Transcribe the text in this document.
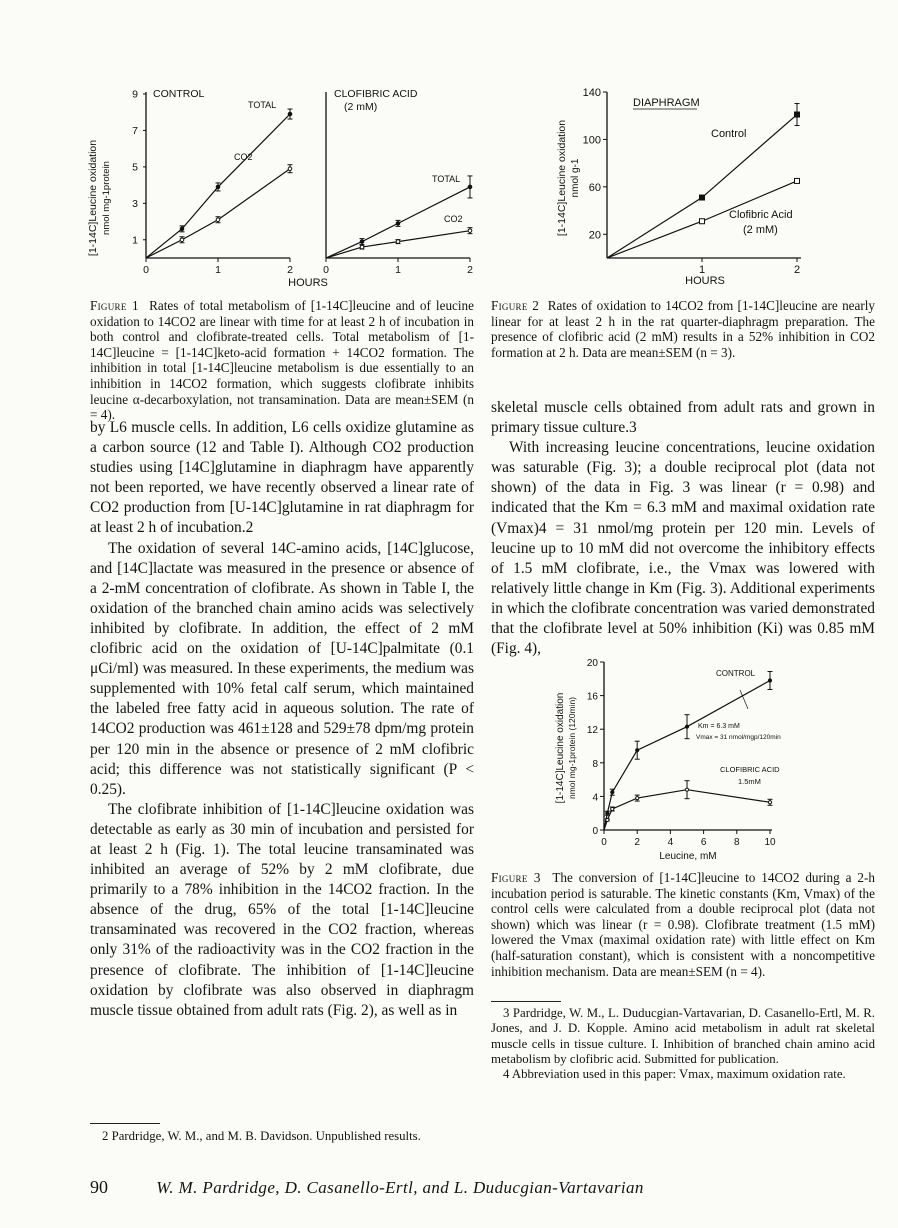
[1-14C]Leucine oxidation nmol mg-1protein
9
7
5
3
1
0	1	2
CONTROL
TOTAL
CO2
0	1	2
CLOFIBRIC ACID
(2 mM)
TOTAL
CO2
HOURS
[1-14C]Leucine oxidation nmol g-1
140
100
60
20
1	2
DIAPHRAGM
Control
Clofibric Acid
(2 mM)
HOURS
[1-14C]Leucine oxidation nmol mg-1protein (120min)
20
16
12
8
4
0
0	2	4	6	8 10
CONTROL
Km = 6.3 mM
Vmax = 31 nmol/mgp/120min
CLOFIBRIC ACID
1.5mM
Leucine, mM
Figure 1 Rates of total metabolism of [1-14C]leucine and of leucine oxidation to 14CO2 are linear with time for at least 2 h of incubation in both control and clofibrate-treated cells. Total metabolism of [1-14C]leucine = [1-14C]keto-acid formation + 14CO2 formation. The inhibition in total [1-14C]leucine metabolism is due essentially to an inhibition in 14CO2 formation, which suggests clofibrate inhibits leucine α-decarboxylation, not transamination. Data are mean±SEM (n = 4).
Figure 2 Rates of oxidation to 14CO2 from [1-14C]leucine are nearly linear for at least 2 h in the rat quarter-diaphragm preparation. The presence of clofibric acid (2 mM) results in a 52% inhibition in CO2 formation at 2 h. Data are mean±SEM (n = 3).
Figure 3 The conversion of [1-14C]leucine to 14CO2 during a 2-h incubation period is saturable. The kinetic constants (Km, Vmax) of the control cells were calculated from a double reciprocal plot (data not shown) which was linear (r = 0.98). Clofibrate treatment (1.5 mM) lowered the Vmax (maximal oxidation rate) with little effect on Km (half-saturation constant), which is consistent with a noncompetitive inhibition mechanism. Data are mean±SEM (n = 4).

by L6 muscle cells. In addition, L6 cells oxidize glutamine as a carbon source (12 and Table I). Although CO2 production studies using [14C]glutamine in diaphragm have apparently not been reported, we have recently observed a linear rate of CO2 production from [U-14C]glutamine in rat diaphragm for at least 2 h of incubation.2

The oxidation of several 14C-amino acids, [14C]glucose, and [14C]lactate was measured in the presence or absence of a 2-mM concentration of clofibrate. As shown in Table I, the oxidation of the branched chain amino acids was selectively inhibited by clofibrate. In addition, the effect of 2 mM clofibric acid on the oxidation of [U-14C]palmitate (0.1 μCi/ml) was measured. In these experiments, the medium was supplemented with 10% fetal calf serum, which maintained the labeled free fatty acid in aqueous solution. The rate of 14CO2 production was 461±128 and 529±78 dpm/mg protein per 120 min in the absence or presence of 2 mM clofibric acid; this difference was not statistically significant (P < 0.25).

The clofibrate inhibition of [1-14C]leucine oxidation was detectable as early as 30 min of incubation and persisted for at least 2 h (Fig. 1). The total leucine transaminated was inhibited an average of 52% by 2 mM clofibrate, due primarily to a 78% inhibition in the 14CO2 fraction. In the absence of the drug, 65% of the total [1-14C]leucine transaminated was recovered in the CO2 fraction, whereas only 31% of the radioactivity was in the CO2 fraction in the presence of clofibrate. The inhibition of [1-14C]leucine oxidation by clofibrate was also observed in diaphragm muscle tissue obtained from adult rats (Fig. 2), as well as in

2 Pardridge, W. M., and M. B. Davidson. Unpublished results.

skeletal muscle cells obtained from adult rats and grown in primary tissue culture.3

With increasing leucine concentrations, leucine oxidation was saturable (Fig. 3); a double reciprocal plot (data not shown) of the data in Fig. 3 was linear (r = 0.98) and indicated that the Km = 6.3 mM and maximal oxidation rate (Vmax)4 = 31 nmol/mg protein per 120 min. Levels of leucine up to 10 mM did not overcome the inhibitory effects of 1.5 mM clofibrate, i.e., the Vmax was lowered with relatively little change in Km (Fig. 3). Additional experiments in which the clofibrate concentration was varied demonstrated that the clofibrate level at 50% inhibition (Ki) was 0.85 mM (Fig. 4),

3 Pardridge, W. M., L. Duducgian-Vartavarian, D. Casanello-Ertl, M. R. Jones, and J. D. Kopple. Amino acid metabolism in adult rat skeletal muscle cells in tissue culture. I. Inhibition of branched chain amino acid metabolism by clofibric acid. Submitted for publication.

4 Abbreviation used in this paper: Vmax, maximum oxidation rate.

90	W. M. Pardridge, D. Casanello-Ertl, and L. Duducgian-Vartavarian
